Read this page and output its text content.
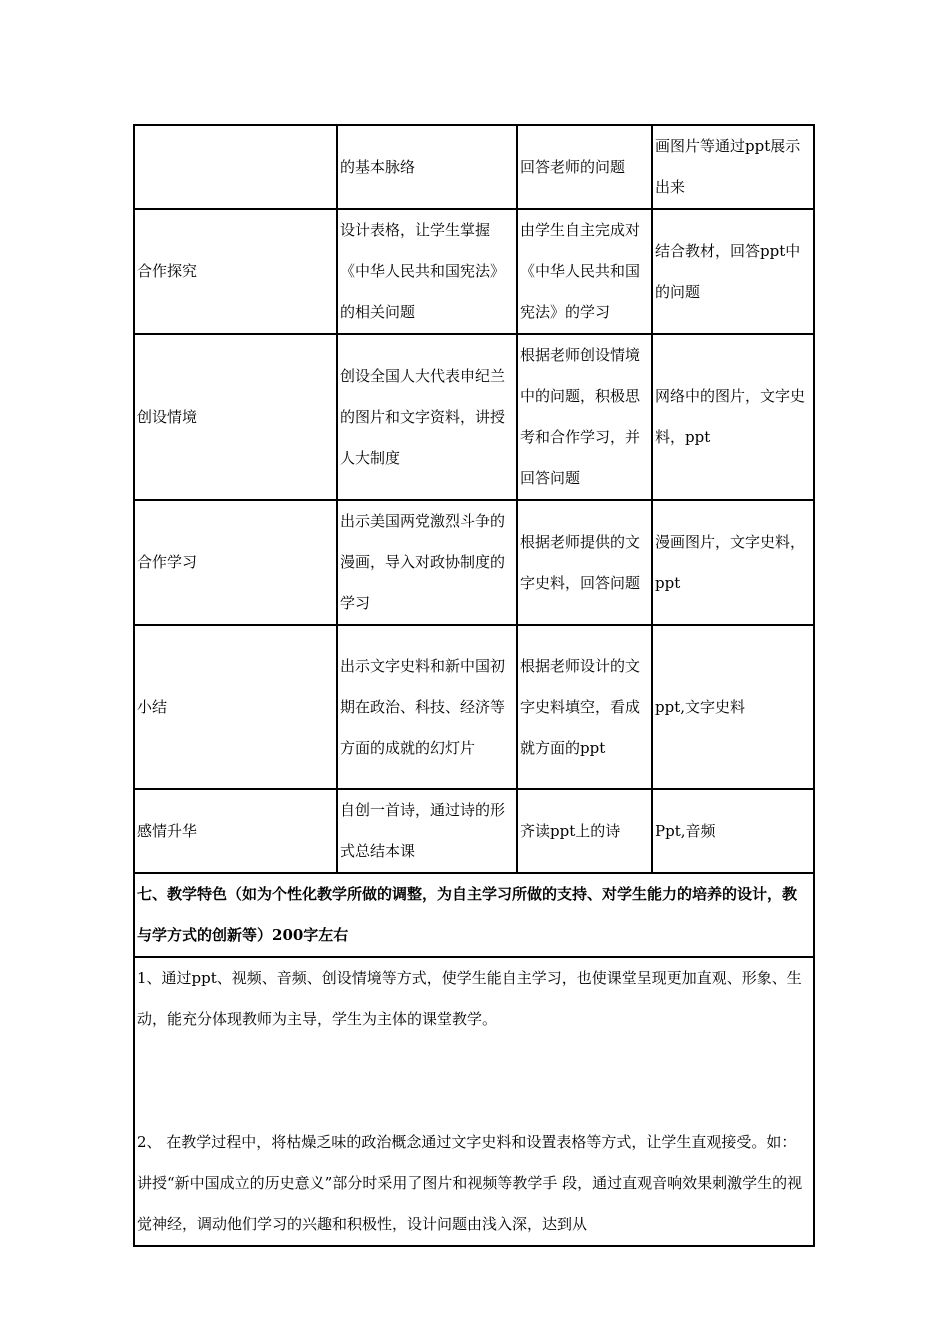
	的基本脉络	回答老师的问题	画图片等通过ppt展示出来
合作探究	设计表格，让学生掌握《中华人民共和国宪法》的相关问题	由学生自主完成对《中华人民共和国宪法》的学习	结合教材，回答ppt中的问题
创设情境	创设全国人大代表申纪兰的图片和文字资料，讲授人大制度	根据老师创设情境中的问题，积极思考和合作学习，并回答问题	网络中的图片，文字史料，ppt
合作学习	出示美国两党激烈斗争的漫画，导入对政协制度的学习	根据老师提供的文字史料，回答问题	漫画图片，文字史料，ppt
小结	出示文字史料和新中国初期在政治、科技、经济等方面的成就的幻灯片	根据老师设计的文字史料填空，看成就方面的ppt	ppt,文字史料
感情升华	自创一首诗，通过诗的形式总结本课	齐读ppt上的诗	Ppt,音频
七、教学特色（如为个性化教学所做的调整，为自主学习所做的支持、对学生能力的培养的设计，教与学方式的创新等）200字左右			

1、通过ppt、视频、音频、创设情境等方式，使学生能自主学习，也使课堂呈现更加直观、形象、生动，能充分体现教师为主导，学生为主体的课堂教学。

2、 在教学过程中，将枯燥乏味的政治概念通过文字史料和设置表格等方式，让学生直观接受。如：讲授“新中国成立的历史意义”部分时采用了图片和视频等教学手 段，通过直观音响效果刺激学生的视觉神经，调动他们学习的兴趣和积极性，设计问题由浅入深，达到从			
